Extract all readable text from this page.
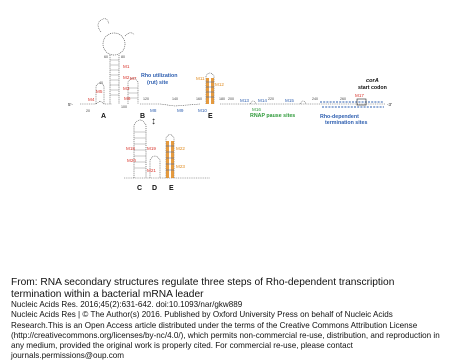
5'-	-3'
Rho utilization
(rut) site
RNAP pause sites	Rho-dependent
termination sites
corA
start codon
A	B	E
M1
M2
M3
M4
M5
M6
M7
M8	M9	M10
M11
M12
M13 M14	M15
M16
M17
20
40
60	80
100
120	140	160	180 200	220	240	260
↕
M18	M19
M20
M21
M22
M23
C D E

From: RNA secondary structures regulate three steps of Rho-dependent transcription termination within a bacterial mRNA leader

Nucleic Acids Res. 2016;45(2):631-642. doi:10.1093/nar/gkw889

Nucleic Acids Res | © The Author(s) 2016. Published by Oxford University Press on behalf of Nucleic Acids Research.This is an Open Access article distributed under the terms of the Creative Commons Attribution License (http://creativecommons.org/licenses/by-nc/4.0/), which permits non-commercial re-use, distribution, and reproduction in any medium, provided the original work is properly cited. For commercial re-use, please contact journals.permissions@oup.com
